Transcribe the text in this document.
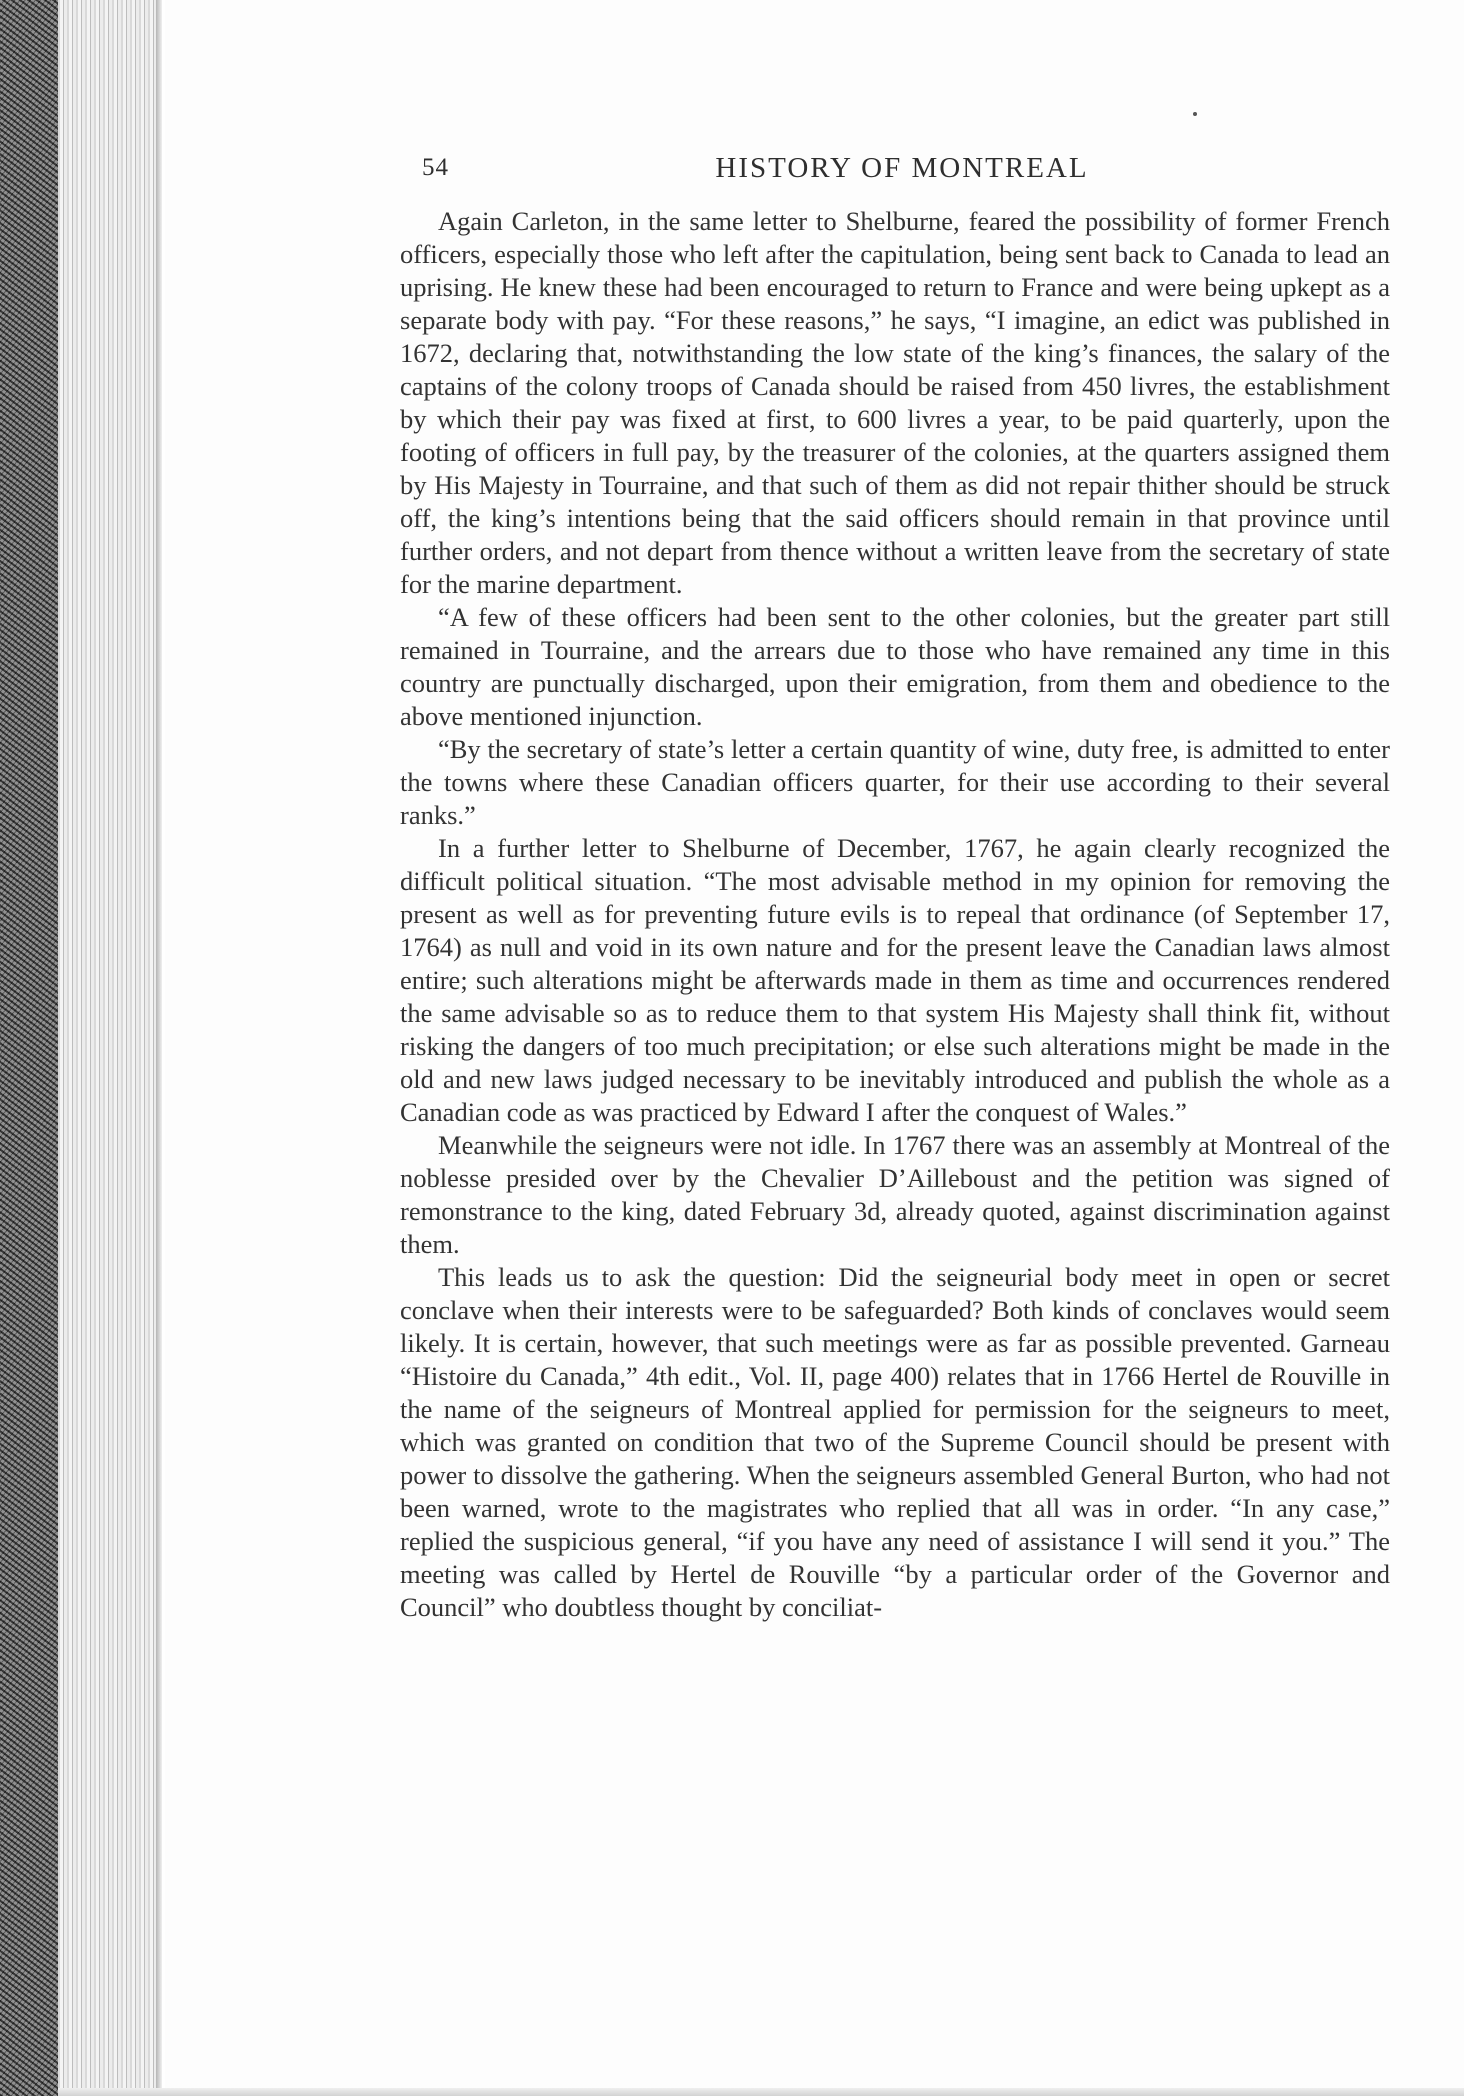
54	HISTORY OF MONTREAL

Again Carleton, in the same letter to Shelburne, feared the possibility of former French officers, especially those who left after the capitulation, being sent back to Canada to lead an uprising. He knew these had been encouraged to return to France and were being upkept as a separate body with pay. “For these reasons,” he says, “I imagine, an edict was published in 1672, declaring that, notwithstanding the low state of the king’s finances, the salary of the captains of the colony troops of Canada should be raised from 450 livres, the establishment by which their pay was fixed at first, to 600 livres a year, to be paid quarterly, upon the footing of officers in full pay, by the treasurer of the colonies, at the quarters assigned them by His Majesty in Tourraine, and that such of them as did not repair thither should be struck off, the king’s intentions being that the said officers should remain in that province until further orders, and not depart from thence without a written leave from the secretary of state for the marine department.

“A few of these officers had been sent to the other colonies, but the greater part still remained in Tourraine, and the arrears due to those who have remained any time in this country are punctually discharged, upon their emigration, from them and obedience to the above mentioned injunction.

“By the secretary of state’s letter a certain quantity of wine, duty free, is admitted to enter the towns where these Canadian officers quarter, for their use according to their several ranks.”

In a further letter to Shelburne of December, 1767, he again clearly recognized the difficult political situation. “The most advisable method in my opinion for removing the present as well as for preventing future evils is to repeal that ordinance (of September 17, 1764) as null and void in its own nature and for the present leave the Canadian laws almost entire; such alterations might be afterwards made in them as time and occurrences rendered the same advisable so as to reduce them to that system His Majesty shall think fit, without risking the dangers of too much precipitation; or else such alterations might be made in the old and new laws judged necessary to be inevitably introduced and publish the whole as a Canadian code as was practiced by Edward I after the conquest of Wales.”

Meanwhile the seigneurs were not idle. In 1767 there was an assembly at Montreal of the noblesse presided over by the Chevalier D’Ailleboust and the petition was signed of remonstrance to the king, dated February 3d, already quoted, against discrimination against them.

This leads us to ask the question: Did the seigneurial body meet in open or secret conclave when their interests were to be safeguarded? Both kinds of conclaves would seem likely. It is certain, however, that such meetings were as far as possible prevented. Garneau “Histoire du Canada,” 4th edit., Vol. II, page 400) relates that in 1766 Hertel de Rouville in the name of the seigneurs of Montreal applied for permission for the seigneurs to meet, which was granted on condition that two of the Supreme Council should be present with power to dissolve the gathering. When the seigneurs assembled General Burton, who had not been warned, wrote to the magistrates who replied that all was in order. “In any case,” replied the suspicious general, “if you have any need of assistance I will send it you.” The meeting was called by Hertel de Rouville “by a particular order of the Governor and Council” who doubtless thought by conciliat-
